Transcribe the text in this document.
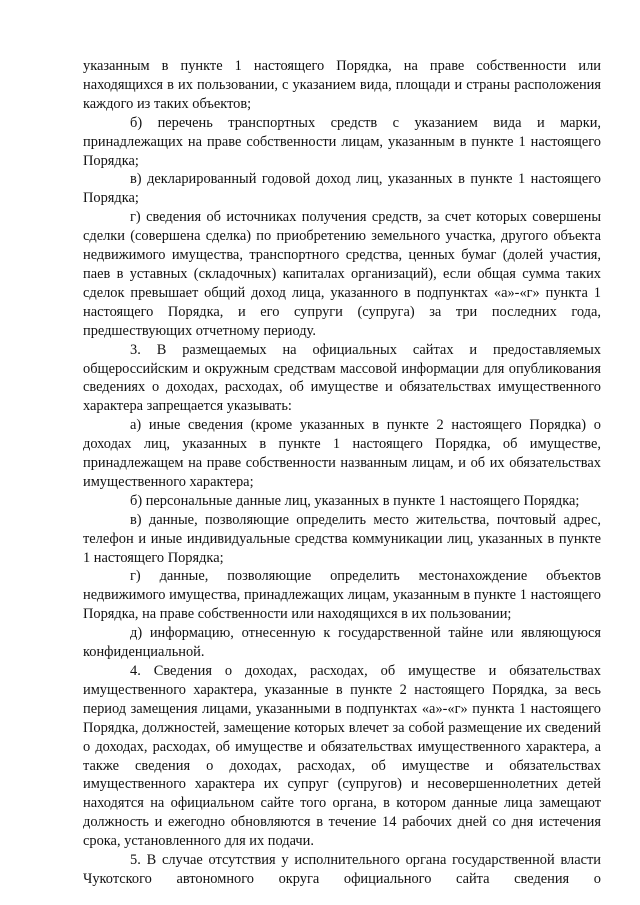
указанным в пункте 1 настоящего Порядка, на праве собственности или находящихся в их пользовании, с указанием вида, площади и страны расположения каждого из таких объектов;

б) перечень транспортных средств с указанием вида и марки, принадлежащих на праве собственности лицам, указанным в пункте 1 настоящего Порядка;

в) декларированный годовой доход лиц, указанных в пункте 1 настоящего Порядка;

г) сведения об источниках получения средств, за счет которых совершены сделки (совершена сделка) по приобретению земельного участка, другого объекта недвижимого имущества, транспортного средства, ценных бумаг (долей участия, паев в уставных (складочных) капиталах организаций), если общая сумма таких сделок превышает общий доход лица, указанного в подпунктах «а»-«г» пункта 1 настоящего Порядка, и его супруги (супруга) за три последних года, предшествующих отчетному периоду.

3. В размещаемых на официальных сайтах и предоставляемых общероссийским и окружным средствам массовой информации для опубликования сведениях о доходах, расходах, об имуществе и обязательствах имущественного характера запрещается указывать:

а) иные сведения (кроме указанных в пункте 2 настоящего Порядка) о доходах лиц, указанных в пункте 1 настоящего Порядка, об имуществе, принадлежащем на праве собственности названным лицам, и об их обязательствах имущественного характера;

б) персональные данные лиц, указанных в пункте 1 настоящего Порядка;

в) данные, позволяющие определить место жительства, почтовый адрес, телефон и иные индивидуальные средства коммуникации лиц, указанных в пункте 1 настоящего Порядка;

г) данные, позволяющие определить местонахождение объектов недвижимого имущества, принадлежащих лицам, указанным в пункте 1 настоящего Порядка, на праве собственности или находящихся в их пользовании;

д) информацию, отнесенную к государственной тайне или являющуюся конфиденциальной.

4. Сведения о доходах, расходах, об имуществе и обязательствах имущественного характера, указанные в пункте 2 настоящего Порядка, за весь период замещения лицами, указанными в подпунктах «а»-«г» пункта 1 настоящего Порядка, должностей, замещение которых влечет за собой размещение их сведений о доходах, расходах, об имуществе и обязательствах имущественного характера, а также сведения о доходах, расходах, об имуществе и обязательствах имущественного характера их супруг (супругов) и несовершеннолетних детей находятся на официальном сайте того органа, в котором данные лица замещают должность и ежегодно обновляются в течение 14 рабочих дней со дня истечения срока, установленного для их подачи.

5. В случае отсутствия у исполнительного органа государственной власти Чукотского автономного округа официального сайта сведения о
